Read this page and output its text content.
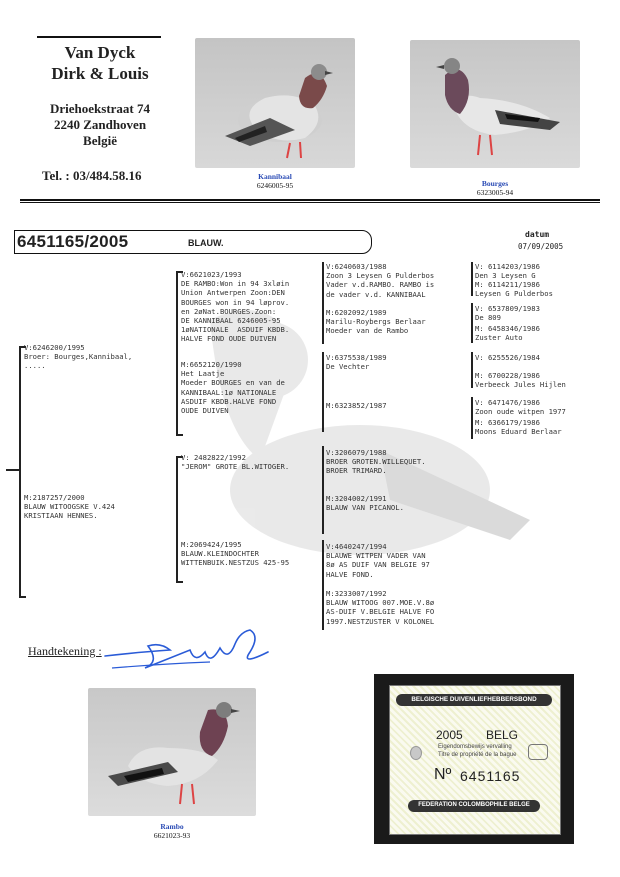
Van Dyck
Dirk & Louis
Driehoekstraat 74
2240 Zandhoven
België
Tel. : 03/484.58.16	Kannibaal
6246005-95	Bourges
6323005-94
6451165/2005	BLAUW.
datum
07/09/2005
V:6246200/1995
Broer: Bourges,Kannibaal,
.....
M:2187257/2000
BLAUW WITOOGSKE V.424
KRISTIAAN HENNES.
V:6621023/1993
DE RAMBO:Won in 94 3xløin
Union Antwerpen Zoon:DEN
BOURGES won in 94 løprov.
en 2øNat.BOURGES.Zoon:
DE KANNIBAAL 6246005-95
1øNATIONALE  ASDUIF KBDB.
HALVE FOND OUDE DUIVEN
M:6652120/1990
Het Laatje
Moeder BOURGES en van de
KANNIBAAL:1ø NATIONALE
ASDUIF KBDB.HALVE FOND
OUDE DUIVEN
V: 2482822/1992
"JEROM" GROTE BL.WITOGER.
M:2069424/1995
BLAUW.KLEINDOCHTER
WITTENBUIK.NESTZUS 425-95
V:6240603/1988
Zoon 3 Leysen G Pulderbos
Vader v.d.RAMBO. RAMBO is
de vader v.d. KANNIBAAL
M:6202092/1989
Marilu-Roybergs Berlaar
Moeder van de Rambo
V:6375538/1989
De Vechter
M:6323852/1987
V:3206079/1988
BROER GROTEN.WILLEQUET.
BROER TRIMARD.
M:3204002/1991
BLAUW VAN PICANOL.
V:4640247/1994
BLAUWE WITPEN VADER VAN
8ø AS DUIF VAN BELGIE 97
HALVE FOND.
M:3233007/1992
BLAUW WITOOG 007.MOE.V.8ø
AS-DUIF V.BELGIE HALVE FO
1997.NESTZUSTER V KOLONEL
V: 6114203/1986
Den 3 Leysen G
M: 6114211/1986
Leysen G Pulderbos
V: 6537809/1983
De 809
M: 6458346/1986
Zuster Auto
V: 6255526/1984
M: 6700228/1986
Verbeeck Jules Hijlen
V: 6471476/1986
Zoon oude witpen 1977
M: 6366179/1986
Moons Eduard Berlaar
Handtekening :
Rambo
6621023-93
BELGISCHE DUIVENLIEFHEBBERSBOND
2005 BELG
Eigendomsbewijs vervalling
Titre de propriété de la bague
Nº 6451165
FEDERATION COLOMBOPHILE BELGE
